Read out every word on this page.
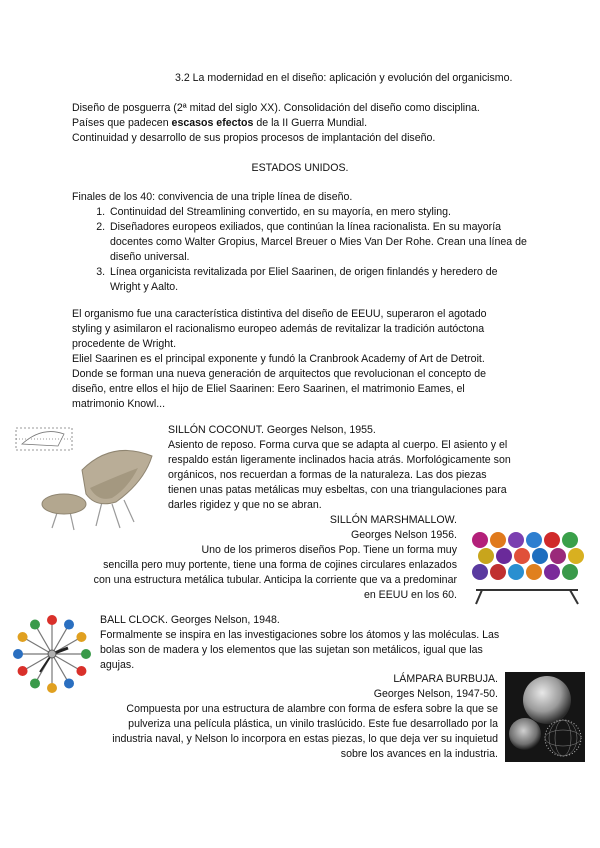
3.2 La modernidad en el diseño: aplicación y evolución del organicismo.
Diseño de posguerra (2ª mitad del siglo XX). Consolidación del diseño como disciplina.
Países que padecen escasos efectos de la II Guerra Mundial.
Continuidad y desarrollo de sus propios procesos de implantación del diseño.
ESTADOS UNIDOS.
Finales de los 40: convivencia de una triple línea de diseño.
1. Continuidad del Streamlining convertido, en su mayoría, en mero styling.
2. Diseñadores europeos exiliados, que continúan la línea racionalista. En su mayoría docentes como Walter Gropius, Marcel Breuer o Mies Van Der Rohe. Crean una línea de diseño universal.
3. Línea organicista revitalizada por Eliel Saarinen, de origen finlandés y heredero de Wright y Aalto.
El organismo fue una característica distintiva del diseño de EEUU, superaron el agotado
styling y asimilaron el racionalismo europeo además de revitalizar la tradición autóctona
procedente de Wright.
Eliel Saarinen es el principal exponente y fundó la Cranbrook Academy of Art de Detroit.
Donde se forman una nueva generación de arquitectos que revolucionan el concepto de
diseño, entre ellos el hijo de Eliel Saarinen: Eero Saarinen, el matrimonio Eames, el
matrimonio Knowl...
SILLÓN COCONUT. Georges Nelson, 1955.
Asiento de reposo. Forma curva que se adapta al cuerpo. El asiento y el
respaldo están ligeramente inclinados hacia atrás. Morfológicamente son
orgánicos, nos recuerdan a formas de la naturaleza. Las dos piezas
tienen unas patas metálicas muy esbeltas, con una triangulaciones para
darles rigidez y que no se abran.
SILLÓN MARSHMALLOW.
Georges Nelson 1956.
Uno de los primeros diseños Pop. Tiene un forma muy
sencilla pero muy portente, tiene una forma de cojines circulares enlazados
con una estructura metálica tubular. Anticipa la corriente que va a predominar
en EEUU en los 60.
BALL CLOCK. Georges Nelson, 1948.
Formalmente se inspira en las investigaciones sobre los átomos y las moléculas. Las
bolas son de madera y los elementos que las sujetan son metálicos, igual que las
agujas.
LÁMPARA BURBUJA.
Georges Nelson, 1947-50.
Compuesta por una estructura de alambre con forma de esfera sobre la que se
pulveriza una película plástica, un vinilo traslúcido. Este fue desarrollado por la
industria naval, y Nelson lo incorpora en estas piezas, lo que deja ver su inquietud
sobre los avances en la industria.
